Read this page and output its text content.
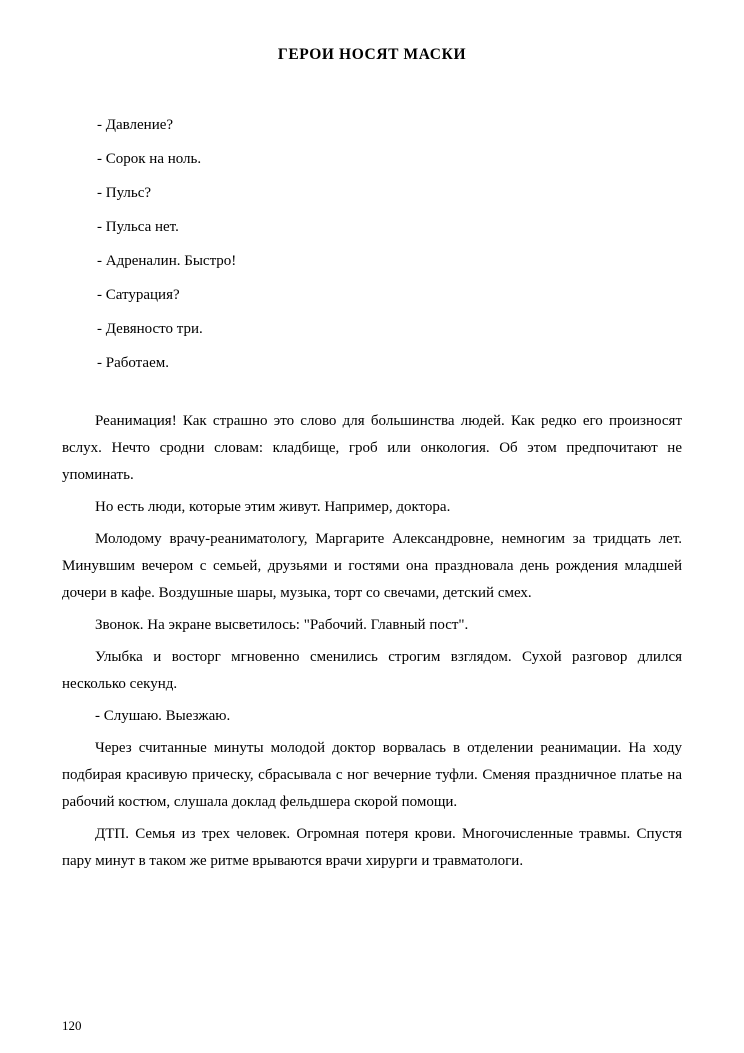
ГЕРОИ НОСЯТ МАСКИ
- Давление?
- Сорок на ноль.
- Пульс?
- Пульса нет.
- Адреналин. Быстро!
- Сатурация?
- Девяносто три.
- Работаем.

Реанимация! Как страшно это слово для большинства людей. Как редко его произносят вслух. Нечто сродни словам: кладбище, гроб или онкология. Об этом предпочитают не упоминать.

Но есть люди, которые этим живут. Например, доктора.

Молодому врачу-реаниматологу, Маргарите Александровне, немногим за тридцать лет. Минувшим вечером с семьей, друзьями и гостями она праздновала день рождения младшей дочери в кафе. Воздушные шары, музыка, торт со свечами, детский смех.

Звонок. На экране высветилось: "Рабочий. Главный пост".

Улыбка и восторг мгновенно сменились строгим взглядом. Сухой разговор длился несколько секунд.

- Слушаю. Выезжаю.

Через считанные минуты молодой доктор ворвалась в отделении реанимации. На ходу подбирая красивую прическу, сбрасывала с ног вечерние туфли. Сменяя праздничное платье на рабочий костюм, слушала доклад фельдшера скорой помощи.

ДТП. Семья из трех человек. Огромная потеря крови. Многочисленные травмы. Спустя пару минут в таком же ритме врываются врачи хирурги и травматологи.

120
